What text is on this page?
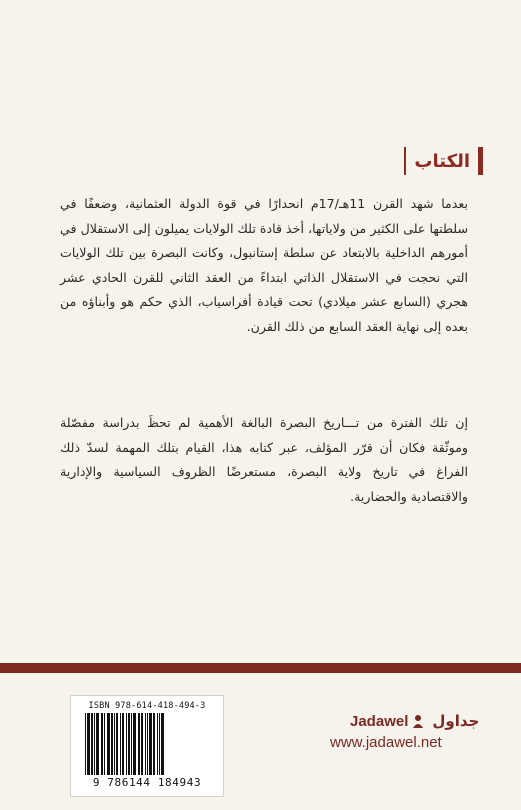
الكتاب

بعدما شهد القرن 11هـ/17م انحدارًا في قوة الدولة العثمانية، وضعفًا في سلطتها على الكثير من ولاياتها، أخذ قادة تلك الولايات يميلون إلى الاستقلال في أمورهم الداخلية بالابتعاد عن سلطة إستانبول، وكانت البصرة بين تلك الولايات التي نحجت في الاستقلال الذاتي ابتداءً من العقد الثاني للقرن الحادي عشر هجري (السابع عشر ميلادي) تحت قيادة أفراسياب، الذي حكم هو وأبناؤه من بعده إلى نهاية العقد السابع من ذلك القرن.

إن تلك الفترة من تـــاريخ البصرة البالغة الأهمية لم تحظَ بدراسة مفصّلة وموثّقة فكان أن قرّر المؤلف، عبر كتابه هذا، القيام بتلك المهمة لسدّ ذلك الفراغ في تاريخ ولاية البصرة، مستعرضًا الظروف السياسية والإدارية والاقتصادية والحضارية.

ISBN 978-614-418-494-3
9 786144 184943
Jadawel جداول
www.jadawel.net
